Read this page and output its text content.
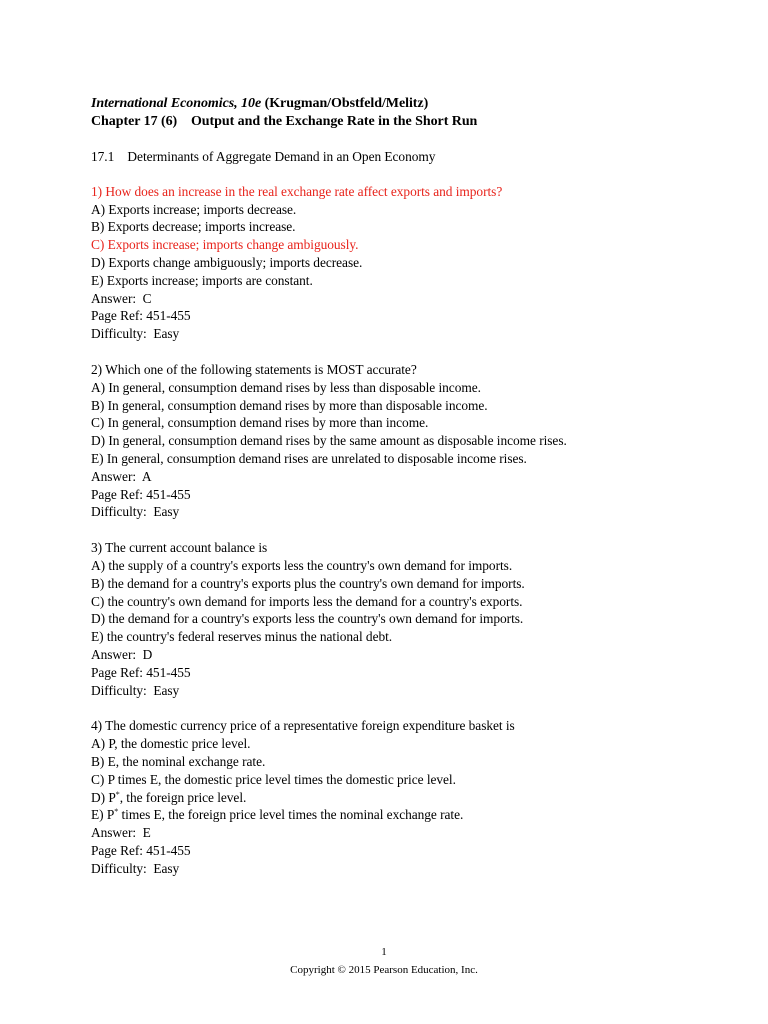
International Economics, 10e (Krugman/Obstfeld/Melitz)
Chapter 17 (6)    Output and the Exchange Rate in the Short Run
17.1    Determinants of Aggregate Demand in an Open Economy
1) How does an increase in the real exchange rate affect exports and imports?
A) Exports increase; imports decrease.
B) Exports decrease; imports increase.
C) Exports increase; imports change ambiguously.
D) Exports change ambiguously; imports decrease.
E) Exports increase; imports are constant.
Answer:  C
Page Ref: 451-455
Difficulty:  Easy
2) Which one of the following statements is MOST accurate?
A) In general, consumption demand rises by less than disposable income.
B) In general, consumption demand rises by more than disposable income.
C) In general, consumption demand rises by more than income.
D) In general, consumption demand rises by the same amount as disposable income rises.
E) In general, consumption demand rises are unrelated to disposable income rises.
Answer:  A
Page Ref: 451-455
Difficulty:  Easy
3) The current account balance is
A) the supply of a country's exports less the country's own demand for imports.
B) the demand for a country's exports plus the country's own demand for imports.
C) the country's own demand for imports less the demand for a country's exports.
D) the demand for a country's exports less the country's own demand for imports.
E) the country's federal reserves minus the national debt.
Answer:  D
Page Ref: 451-455
Difficulty:  Easy
4) The domestic currency price of a representative foreign expenditure basket is
A) P, the domestic price level.
B) E, the nominal exchange rate.
C) P times E, the domestic price level times the domestic price level.
D) P*, the foreign price level.
E) P* times E, the foreign price level times the nominal exchange rate.
Answer:  E
Page Ref: 451-455
Difficulty:  Easy
1
Copyright © 2015 Pearson Education, Inc.
